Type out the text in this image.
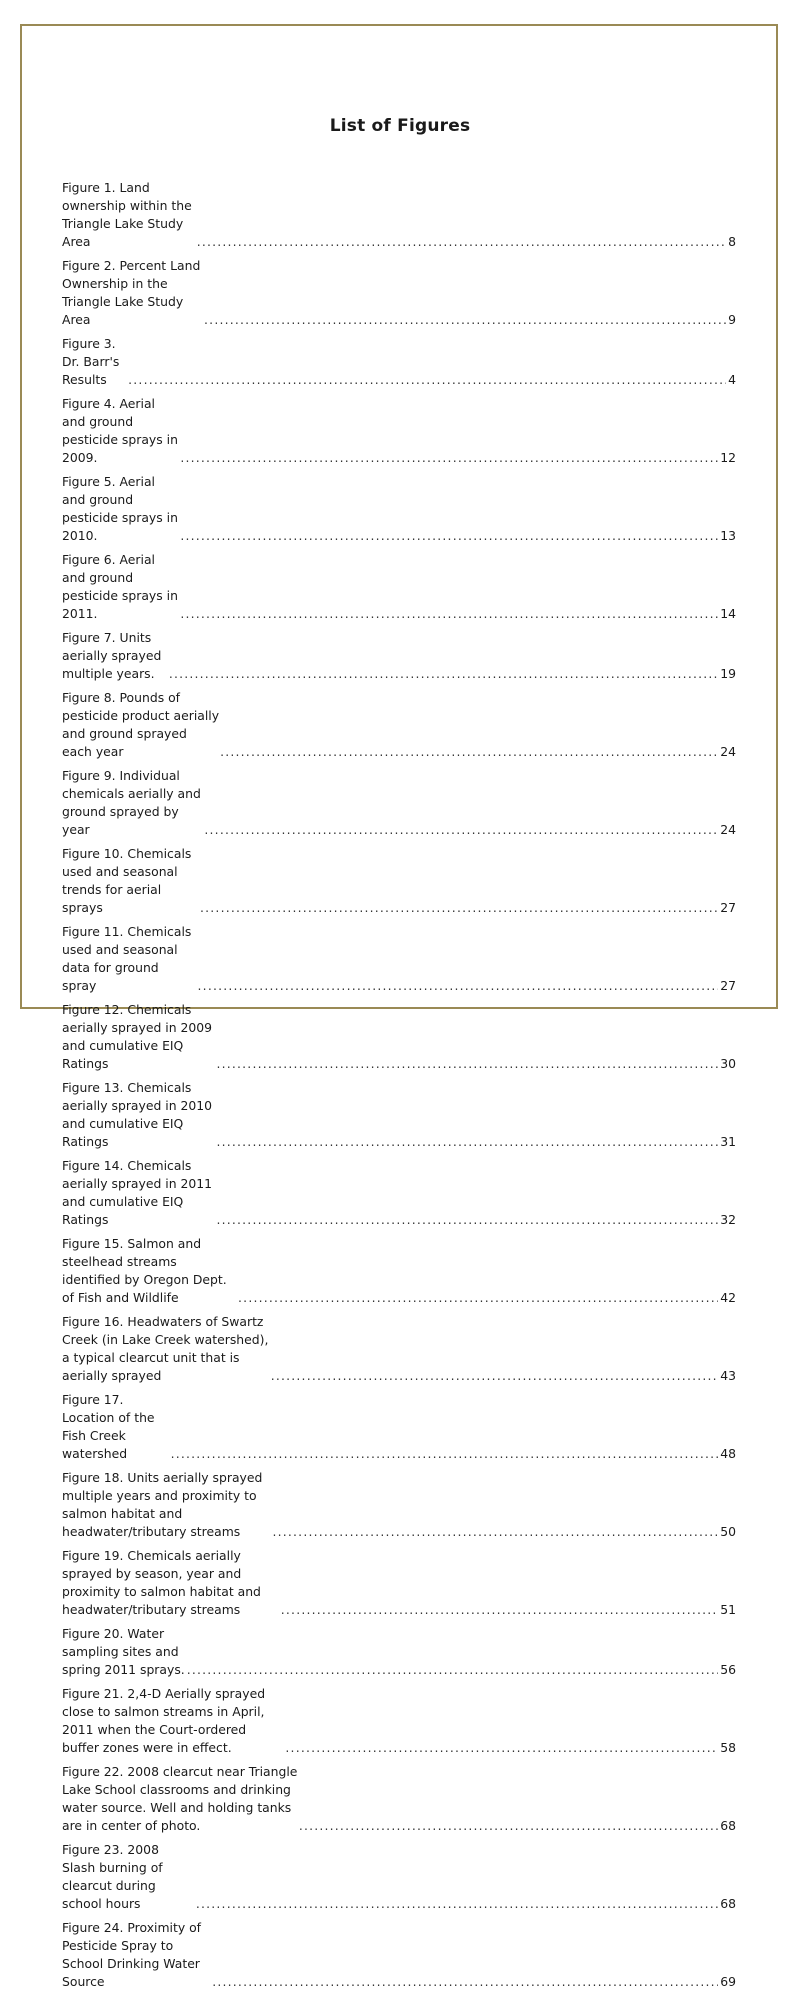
List of Figures
Figure 1. Land ownership within the Triangle Lake Study Area .....	8
Figure 2. Percent Land Ownership in the Triangle Lake Study Area .....	9
Figure 3. Dr. Barr's Results .....	4
Figure 4. Aerial and ground pesticide sprays in 2009. .....	12
Figure 5. Aerial and ground pesticide sprays in 2010. .....	13
Figure 6. Aerial and ground pesticide sprays in 2011. .....	14
Figure 7. Units aerially sprayed multiple years. .....	19
Figure 8. Pounds of pesticide product aerially and ground sprayed each year .....	24
Figure 9. Individual chemicals aerially and ground sprayed by year .....	24
Figure 10. Chemicals used and seasonal trends for aerial sprays .....	27
Figure 11. Chemicals used and seasonal data for ground spray .....	27
Figure 12. Chemicals aerially sprayed in 2009 and cumulative EIQ Ratings .....	30
Figure 13. Chemicals aerially sprayed in 2010 and cumulative EIQ Ratings .....	31
Figure 14. Chemicals aerially sprayed in 2011 and cumulative EIQ Ratings .....	32
Figure 15. Salmon and steelhead streams identified by Oregon Dept. of Fish and Wildlife .....	42
Figure 16. Headwaters of Swartz Creek (in Lake Creek watershed), a typical clearcut unit that is aerially sprayed .....	43
Figure 17. Location of the Fish Creek watershed .....	48
Figure 18. Units aerially sprayed multiple years and proximity to salmon habitat and headwater/tributary streams .....	50
Figure 19. Chemicals aerially sprayed by season, year and proximity to salmon habitat and headwater/tributary streams .....	51
Figure 20. Water sampling sites and spring 2011 sprays. .....	56
Figure 21. 2,4-D Aerially sprayed close to salmon streams in April, 2011 when the Court-ordered buffer zones were in effect. .....	58
Figure 22. 2008 clearcut near Triangle Lake School classrooms and drinking water source. Well and holding tanks are in center of photo. .....	68
Figure 23. 2008 Slash burning of clearcut during school hours .....	68
Figure 24. Proximity of Pesticide Spray to School Drinking Water Source .....	69
